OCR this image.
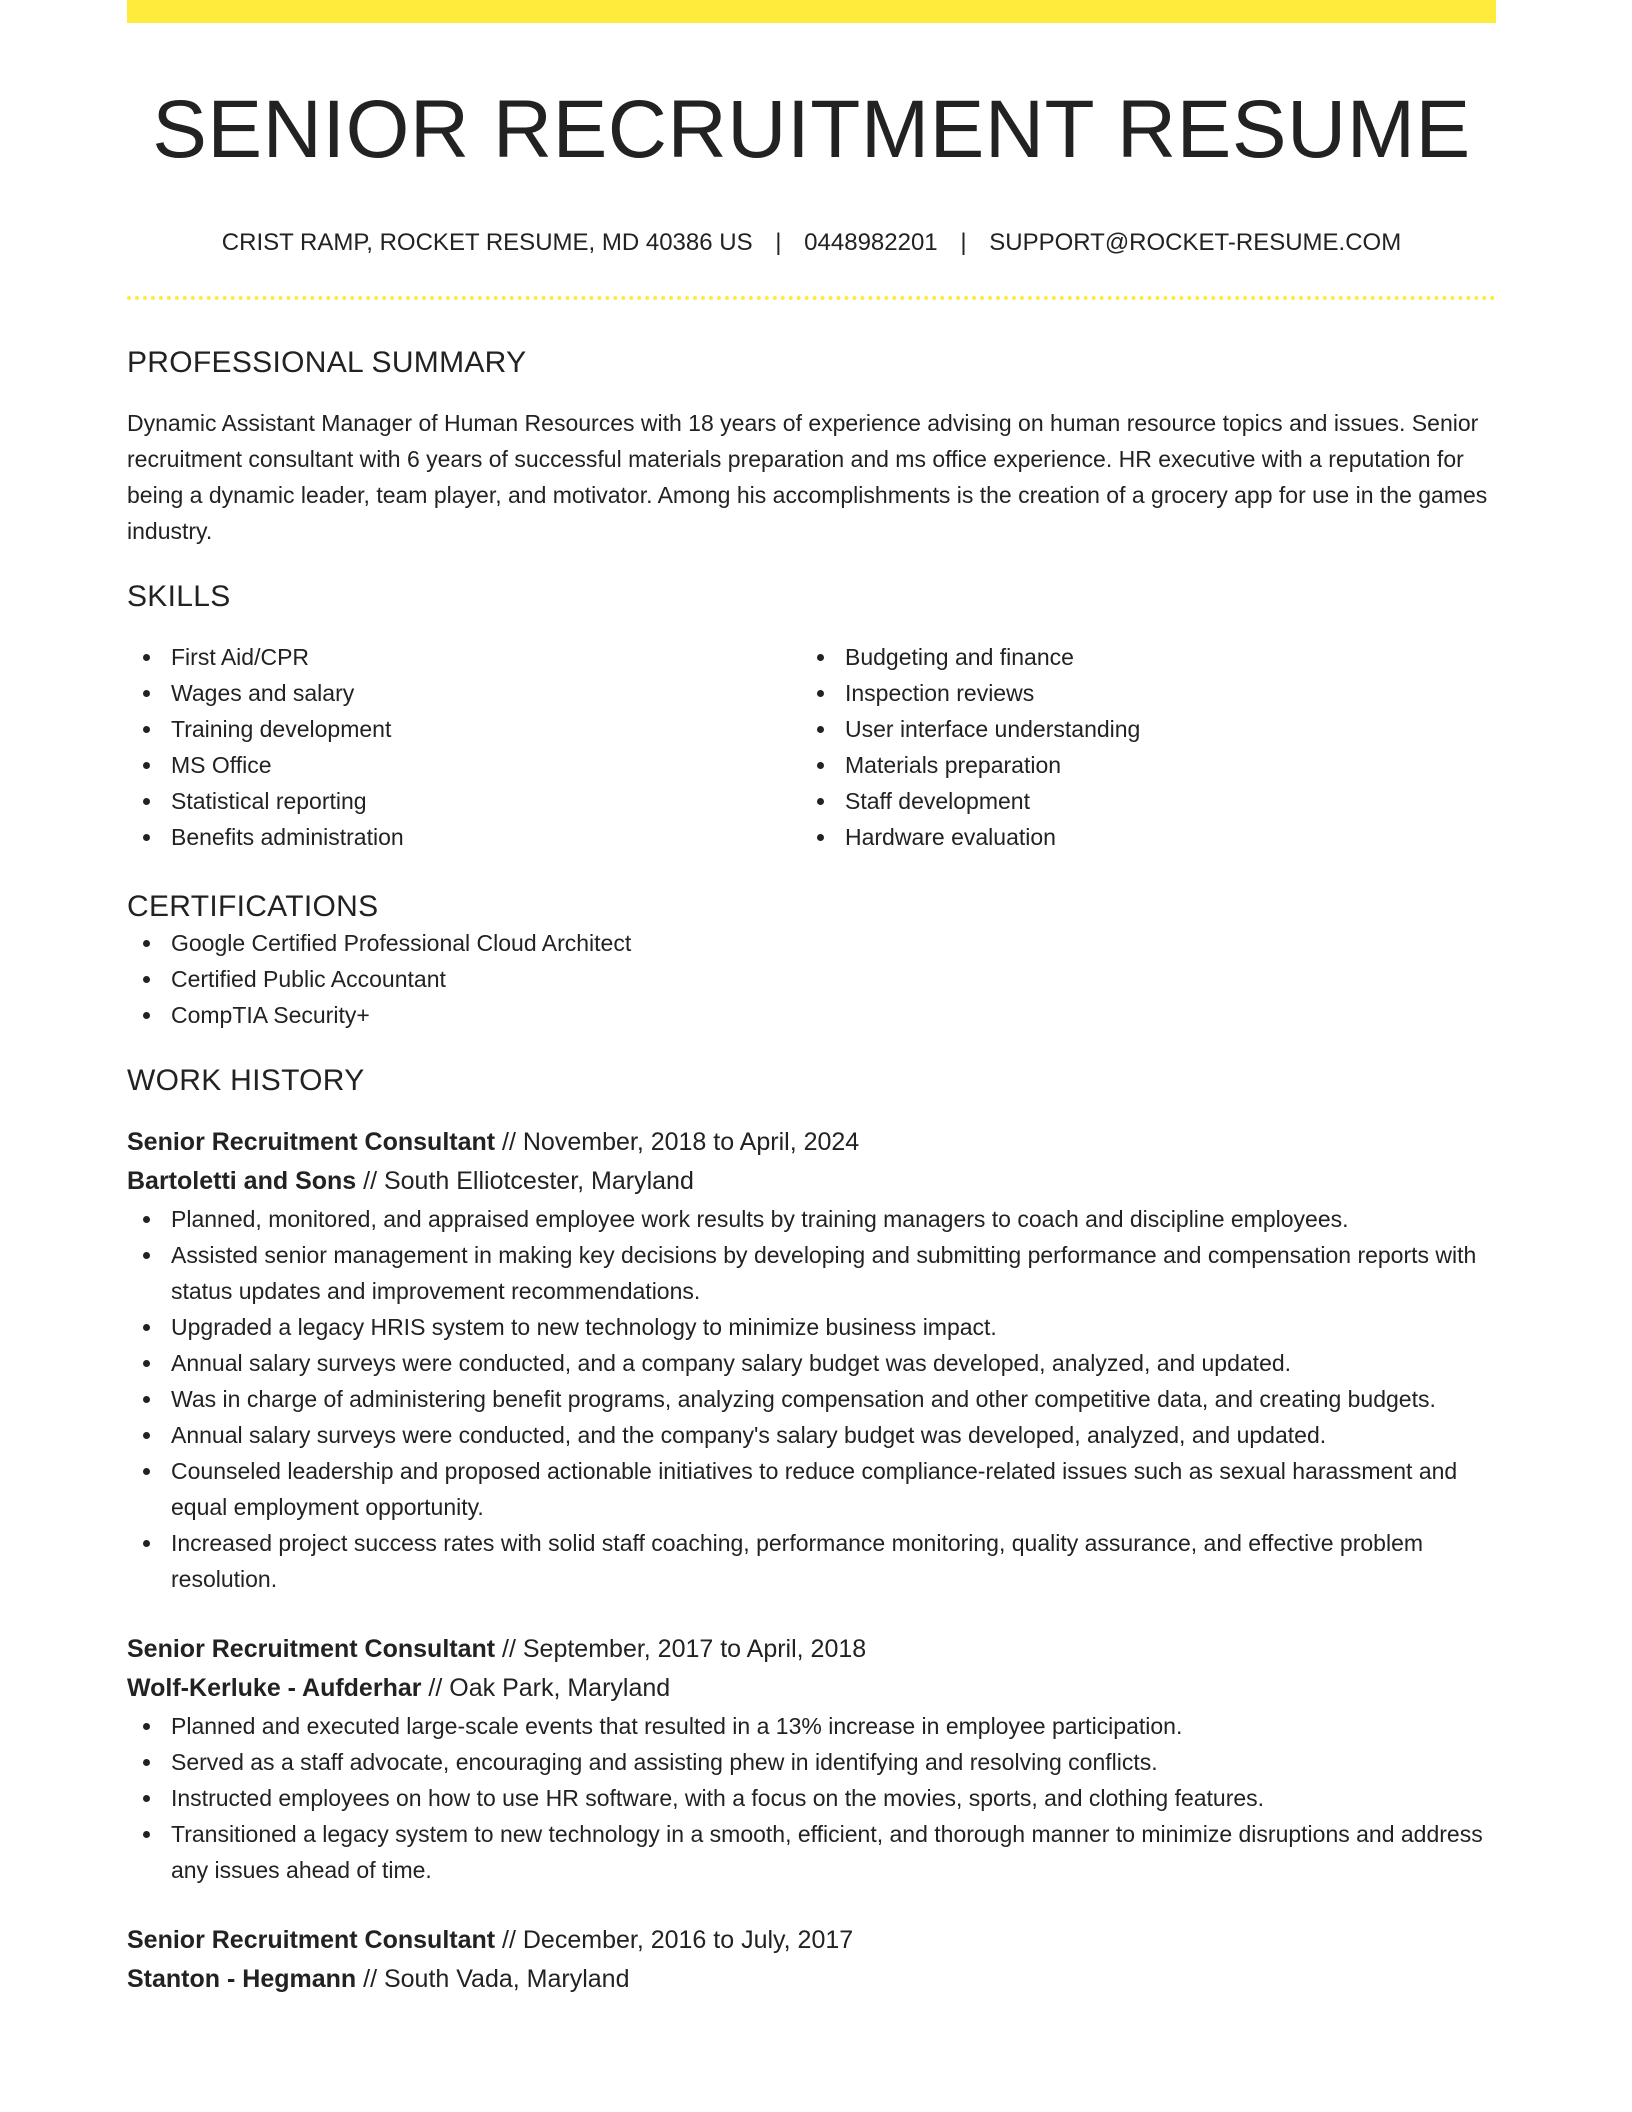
SENIOR RECRUITMENT RESUME
CRIST RAMP, ROCKET RESUME, MD 40386 US | 0448982201 | SUPPORT@ROCKET-RESUME.COM
PROFESSIONAL SUMMARY
Dynamic Assistant Manager of Human Resources with 18 years of experience advising on human resource topics and issues. Senior recruitment consultant with 6 years of successful materials preparation and ms office experience. HR executive with a reputation for being a dynamic leader, team player, and motivator. Among his accomplishments is the creation of a grocery app for use in the games industry.
SKILLS
First Aid/CPR
Wages and salary
Training development
MS Office
Statistical reporting
Benefits administration
Budgeting and finance
Inspection reviews
User interface understanding
Materials preparation
Staff development
Hardware evaluation
CERTIFICATIONS
Google Certified Professional Cloud Architect
Certified Public Accountant
CompTIA Security+
WORK HISTORY
Senior Recruitment Consultant // November, 2018 to April, 2024
Bartoletti and Sons // South Elliotcester, Maryland
Planned, monitored, and appraised employee work results by training managers to coach and discipline employees.
Assisted senior management in making key decisions by developing and submitting performance and compensation reports with status updates and improvement recommendations.
Upgraded a legacy HRIS system to new technology to minimize business impact.
Annual salary surveys were conducted, and a company salary budget was developed, analyzed, and updated.
Was in charge of administering benefit programs, analyzing compensation and other competitive data, and creating budgets.
Annual salary surveys were conducted, and the company's salary budget was developed, analyzed, and updated.
Counseled leadership and proposed actionable initiatives to reduce compliance-related issues such as sexual harassment and equal employment opportunity.
Increased project success rates with solid staff coaching, performance monitoring, quality assurance, and effective problem resolution.
Senior Recruitment Consultant // September, 2017 to April, 2018
Wolf-Kerluke - Aufderhar // Oak Park, Maryland
Planned and executed large-scale events that resulted in a 13% increase in employee participation.
Served as a staff advocate, encouraging and assisting phew in identifying and resolving conflicts.
Instructed employees on how to use HR software, with a focus on the movies, sports, and clothing features.
Transitioned a legacy system to new technology in a smooth, efficient, and thorough manner to minimize disruptions and address any issues ahead of time.
Senior Recruitment Consultant // December, 2016 to July, 2017
Stanton - Hegmann // South Vada, Maryland
